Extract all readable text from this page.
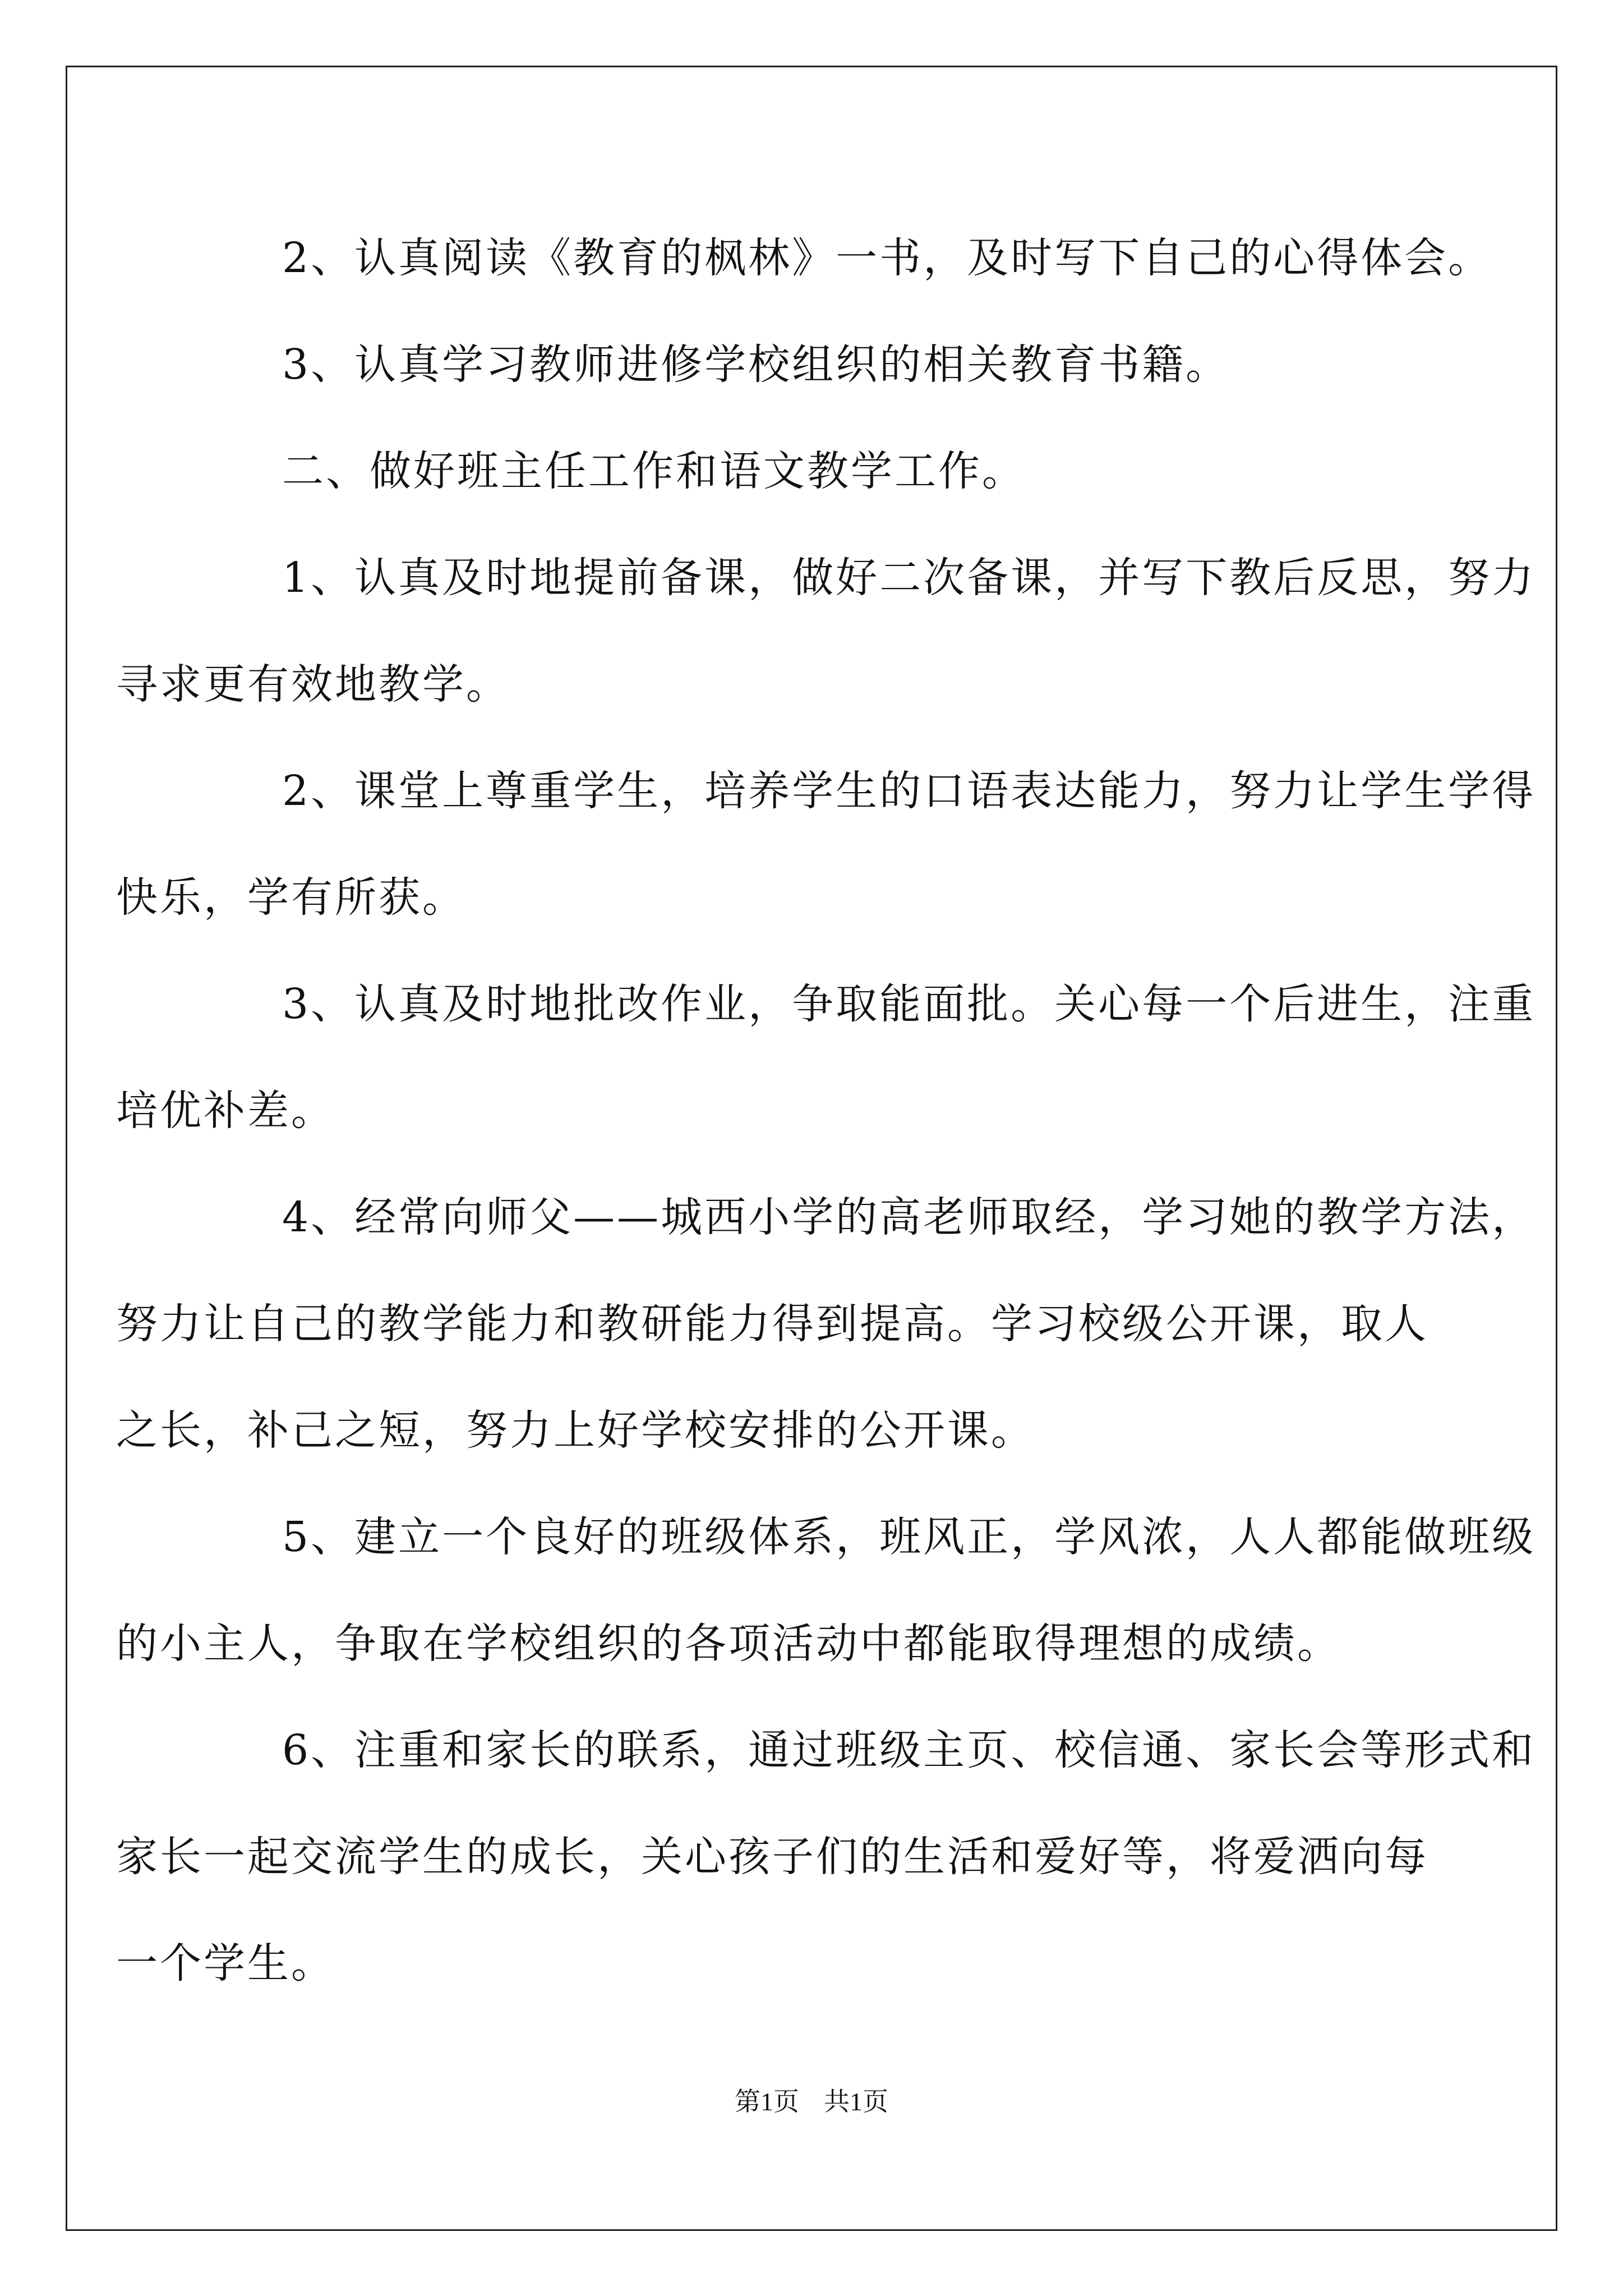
2、认真阅读《教育的枫林》一书，及时写下自己的心得体会。

3、认真学习教师进修学校组织的相关教育书籍。

二、做好班主任工作和语文教学工作。

1、认真及时地提前备课，做好二次备课，并写下教后反思，努力
寻求更有效地教学。

2、课堂上尊重学生，培养学生的口语表达能力，努力让学生学得
快乐，学有所获。

3、认真及时地批改作业，争取能面批。关心每一个后进生，注重
培优补差。

4、经常向师父——城西小学的高老师取经，学习她的教学方法，
努力让自己的教学能力和教研能力得到提高。学习校级公开课，取人
之长，补己之短，努力上好学校安排的公开课。

5、建立一个良好的班级体系，班风正，学风浓，人人都能做班级
的小主人，争取在学校组织的各项活动中都能取得理想的成绩。

6、注重和家长的联系，通过班级主页、校信通、家长会等形式和
家长一起交流学生的成长，关心孩子们的生活和爱好等，将爱洒向每
一个学生。

第1页 共1页
